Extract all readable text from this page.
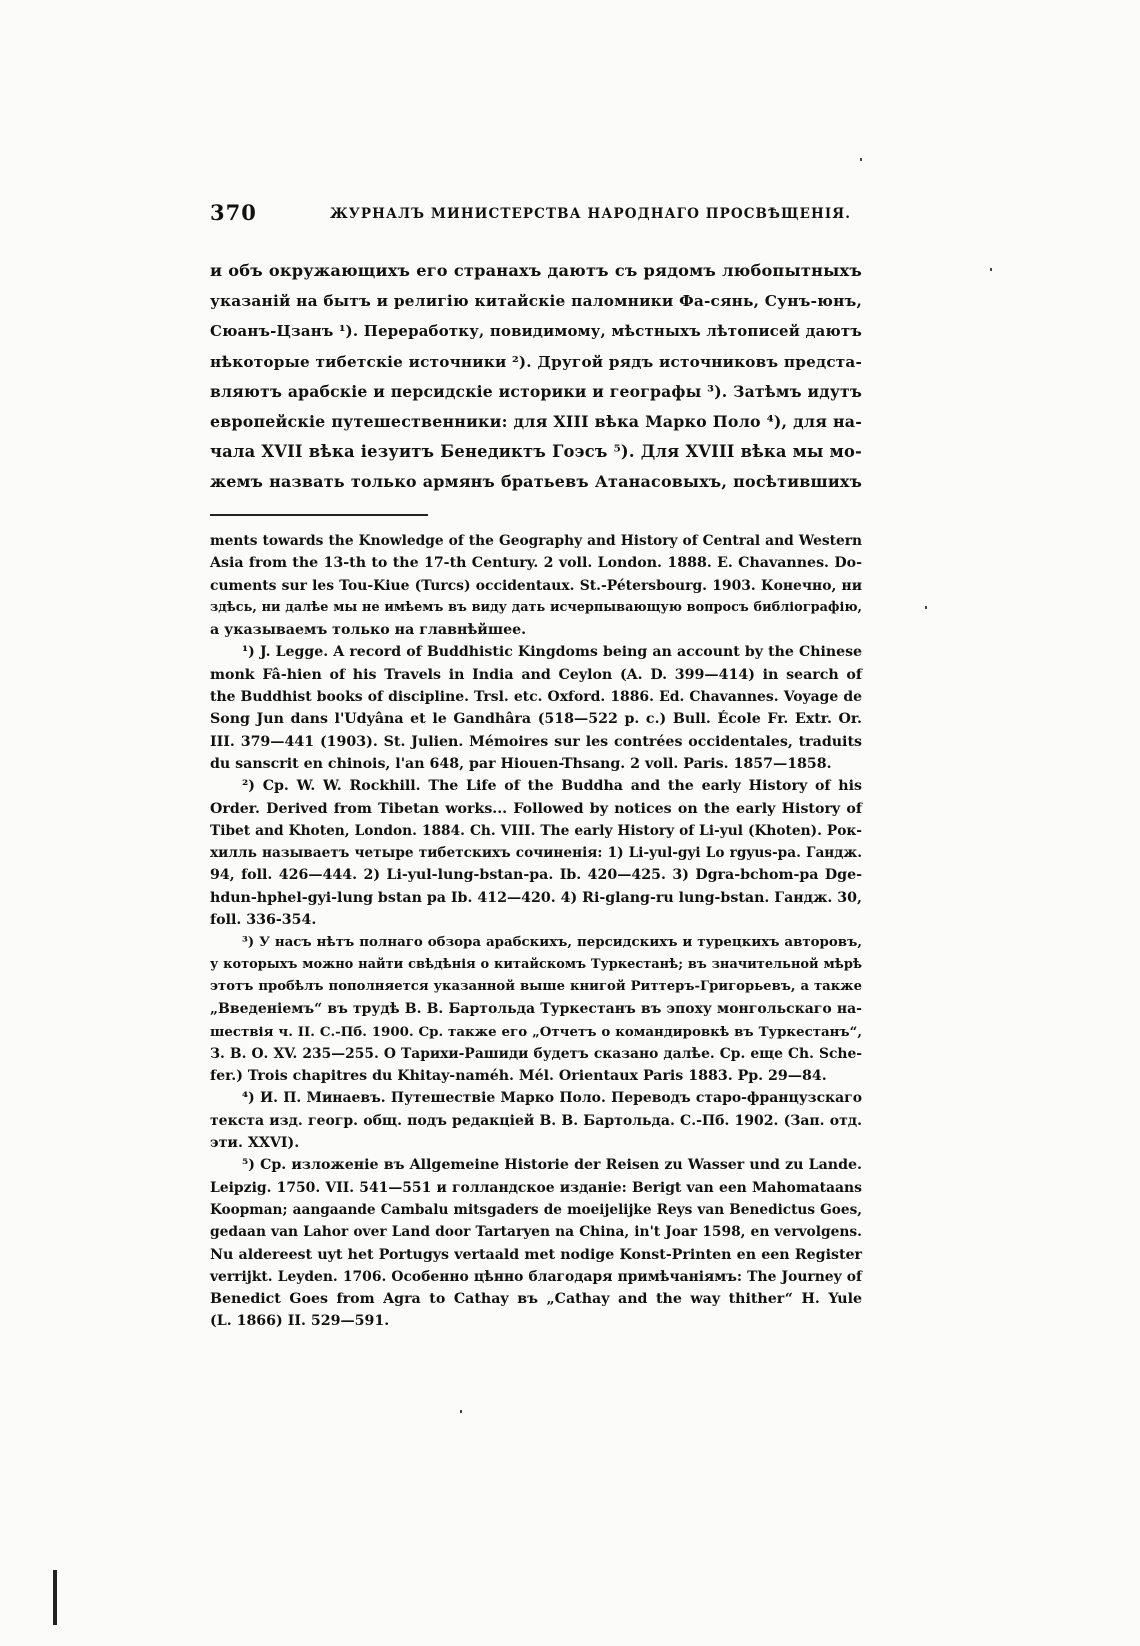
370	ЖУРНАЛЪ МИНИСТЕРСТВА НАРОДНАГО ПРОСВѢЩЕНІЯ.
и объ окружающихъ его странахъ даютъ съ рядомъ любопытныхъ
указаній на бытъ и религію китайскіе паломники Фа-сянь, Сунъ-юнъ,
Сюанъ-Цзанъ ¹). Переработку, повидимому, мѣстныхъ лѣтописей даютъ
нѣкоторые тибетскіе источники ²). Другой рядъ источниковъ предста-
вляютъ арабскіе и персидскіе историки и географы ³). Затѣмъ идутъ
европейскіе путешественники: для XIII вѣка Марко Поло ⁴), для на-
чала XVII вѣка іезуитъ Бенедиктъ Гоэсъ ⁵). Для XVIII вѣка мы мо-
жемъ назвать только армянъ братьевъ Атанасовыхъ, посѣтившихъ
ments towards the Knowledge of the Geography and History of Central and Western
Asia from the 13-th to the 17-th Century. 2 voll. London. 1888. E. Chavannes. Do-
cuments sur les Tou-Kiue (Turcs) occidentaux. St.-Pétersbourg. 1903. Конечно, ни
здѣсь, ни далѣе мы не имѣемъ въ виду дать исчерпывающую вопросъ библіографію,
а указываемъ только на главнѣйшее.
¹) J. Legge. A record of Buddhistic Kingdoms being an account by the Chinese
monk Fâ-hien of his Travels in India and Ceylon (A. D. 399—414) in search of
the Buddhist books of discipline. Trsl. etc. Oxford. 1886. Ed. Chavannes. Voyage de
Song Jun dans l'Udyâna et le Gandhâra (518—522 p. c.) Bull. École Fr. Extr. Or.
III. 379—441 (1903). St. Julien. Mémoires sur les contrées occidentales, traduits
du sanscrit en chinois, l'an 648, par Hiouen-Thsang. 2 voll. Paris. 1857—1858.
²) Cp. W. W. Rockhill. The Life of the Buddha and the early History of his
Order. Derived from Tibetan works... Followed by notices on the early History of
Tibet and Khoten, London. 1884. Ch. VIII. The early History of Li-yul (Khoten). Рок-
хилль называетъ четыре тибетскихъ сочиненія: 1) Li-yul-gyi Lo rgyus-pa. Гандж.
94, foll. 426—444. 2) Li-yul-lung-bstan-pa. Ib. 420—425. 3) Dgra-bchom-pa Dge-
hdun-hphel-gyi-lung bstan pa Ib. 412—420. 4) Ri-glang-ru lung-bstan. Гандж. 30,
foll. 336-354.
³) У насъ нѣтъ полнаго обзора арабскихъ, персидскихъ и турецкихъ авторовъ,
у которыхъ можно найти свѣдѣнія о китайскомъ Туркестанѣ; въ значительной мѣрѣ
этотъ пробѣлъ пополняется указанной выше книгой Риттеръ-Григорьевъ, а также
„Введеніемъ“ въ трудѣ В. В. Бартольда Туркестанъ въ эпоху монгольскаго на-
шествія ч. II. С.-Пб. 1900. Ср. также его „Отчетъ о командировкѣ въ Туркестанъ“,
З. В. О. XV. 235—255. О Тарихи-Рашиди будетъ сказано далѣе. Ср. еще Ch. Sche-
fer.) Trois chapitres du Khitay-naméh. Mél. Orientaux Paris 1883. Pp. 29—84.
⁴) И. П. Минаевъ. Путешествіе Марко Поло. Переводъ старо-французскаго
текста изд. геогр. общ. подъ редакціей В. В. Бартольда. С.-Пб. 1902. (Зап. отд.
эти. XXVI).
⁵) Ср. изложеніе въ Allgemeine Historie der Reisen zu Wasser und zu Lande.
Leipzig. 1750. VII. 541—551 и голландское изданіе: Berigt van een Mahomataans
Koopman; aangaande Cambalu mitsgaders de moeijelijke Reys van Benedictus Goes,
gedaan van Lahor over Land door Tartaryen na China, in't Joar 1598, en vervolgens.
Nu aldereest uyt het Portugys vertaald met nodige Konst-Printen en een Register
verrijkt. Leyden. 1706. Особенно цѣнно благодаря примѣчаніямъ: The Journey of
Benedict Goes from Agra to Cathay въ „Cathay and the way thither“ H. Yule
(L. 1866) II. 529—591.
